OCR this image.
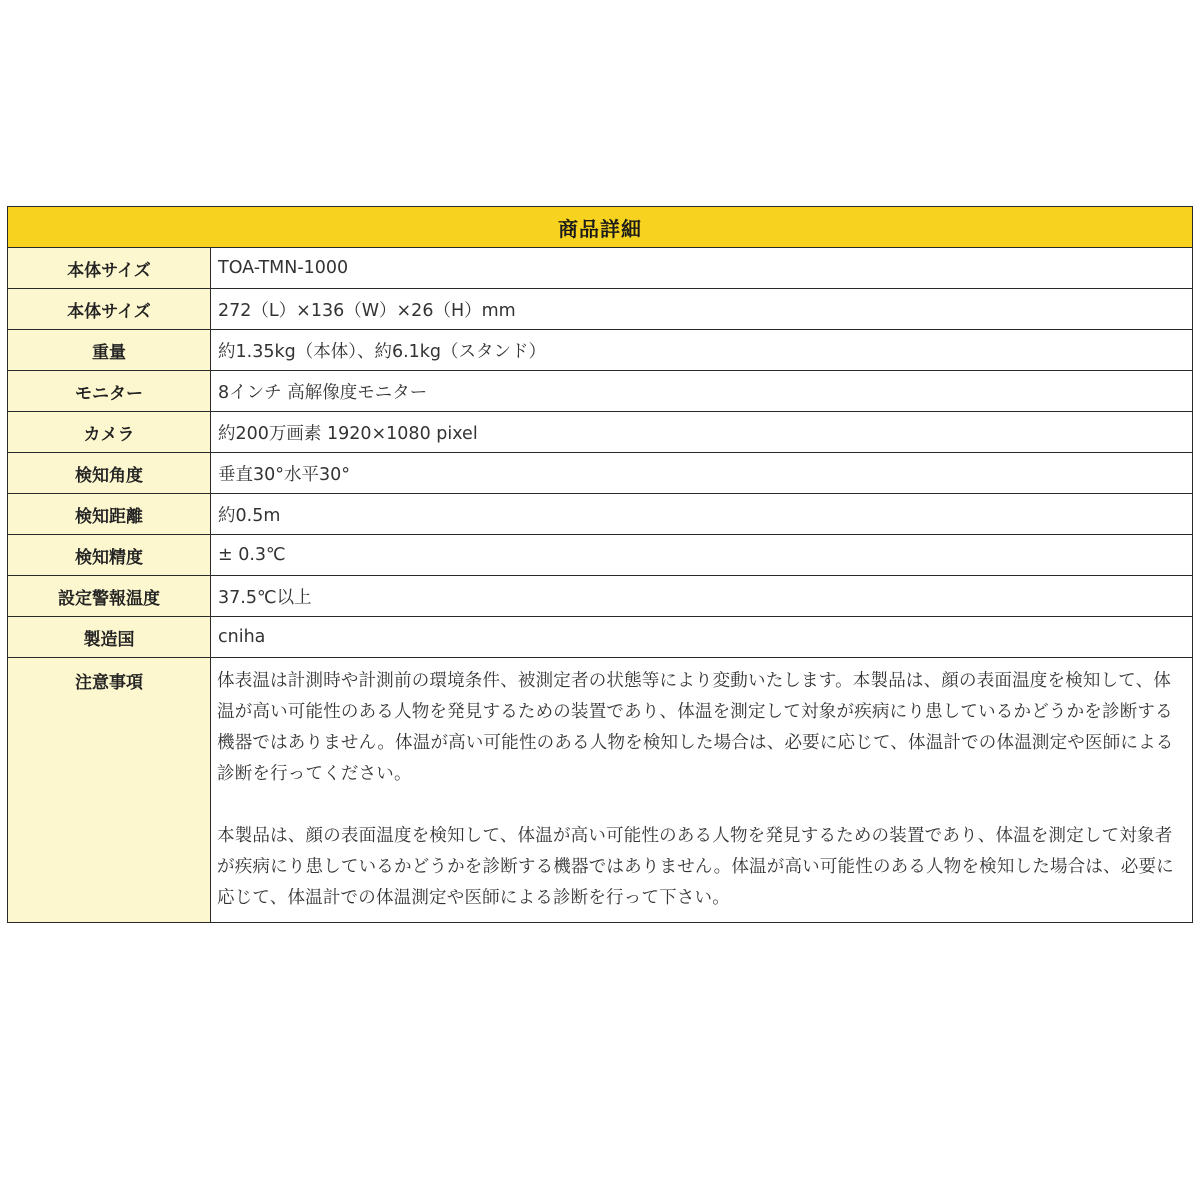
商品詳細	
本体サイズ	TOA-TMN-1000
本体サイズ	272（L）×136（W）×26（H）mm
重量	約1.35kg（本体）、約6.1kg（スタンド）
モニター	8インチ 高解像度モニター
カメラ	約200万画素 1920×1080 pixel
検知角度	垂直30°水平30°
検知距離	約0.5m
検知精度	± 0.3℃
設定警報温度	37.5℃以上
製造国	cniha
注意事項	体表温は計測時や計測前の環境条件、被測定者の状態等により変動いたします。本製品は、顔の表面温度を検知して、体温が高い可能性のある人物を発見するための装置であり、体温を測定して対象が疾病にり患しているかどうかを診断する機器ではありません。体温が高い可能性のある人物を検知した場合は、必要に応じて、体温計での体温測定や医師による診断を行ってください。

本製品は、顔の表面温度を検知して、体温が高い可能性のある人物を発見するための装置であり、体温を測定して対象者が疾病にり患しているかどうかを診断する機器ではありません。体温が高い可能性のある人物を検知した場合は、必要に応じて、体温計での体温測定や医師による診断を行って下さい。
